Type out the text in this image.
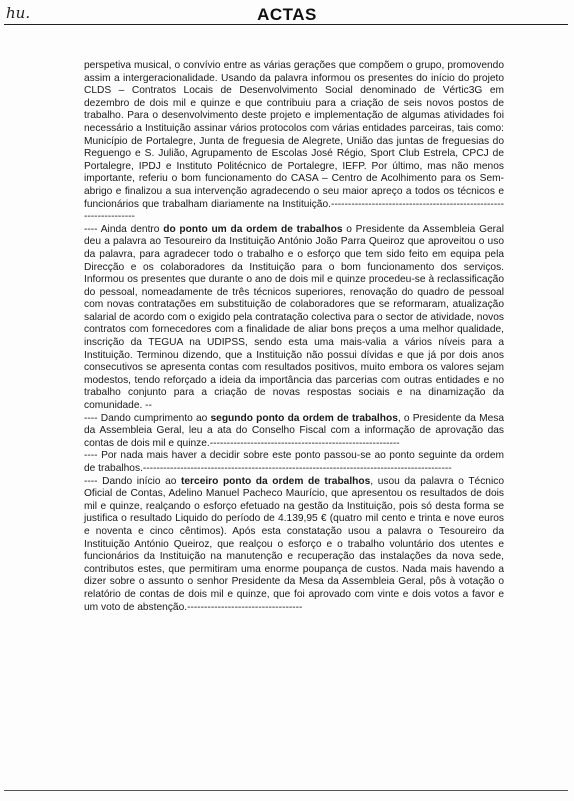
hu.	ACTAS

perspetiva musical, o convívio entre as várias gerações que compõem o grupo, promovendo assim a intergeracionalidade. Usando da palavra informou os presentes do início do projeto CLDS – Contratos Locais de Desenvolvimento Social denominado de Vértic3G em dezembro de dois mil e quinze e que contribuiu para a criação de seis novos postos de trabalho. Para o desenvolvimento deste projeto e implementação de algumas atividades foi necessário a Instituição assinar vários protocolos com várias entidades parceiras, tais como: Município de Portalegre, Junta de freguesia de Alegrete, União das juntas de freguesias do Reguengo e S. Julião, Agrupamento de Escolas José Régio, Sport Club Estrela, CPCJ de Portalegre, IPDJ e Instituto Politécnico de Portalegre, IEFP. Por último, mas não menos importante, referiu o bom funcionamento do CASA – Centro de Acolhimento para os Sem-abrigo e finalizou a sua intervenção agradecendo o seu maior apreço a todos os técnicos e funcionários que trabalham diariamente na Instituição.------------------------------------------------------------------

---- Ainda dentro do ponto um da ordem de trabalhos o Presidente da Assembleia Geral deu a palavra ao Tesoureiro da Instituição António João Parra Queiroz que aproveitou o uso da palavra, para agradecer todo o trabalho e o esforço que tem sido feito em equipa pela Direcção e os colaboradores da Instituição para o bom funcionamento dos serviços. Informou os presentes que durante o ano de dois mil e quinze procedeu-se à reclassificação do pessoal, nomeadamente de três técnicos superiores, renovação do quadro de pessoal com novas contratações em substituição de colaboradores que se reformaram, atualização salarial de acordo com o exigido pela contratação colectiva para o sector de atividade, novos contratos com fornecedores com a finalidade de aliar bons preços a uma melhor qualidade, inscrição da TEGUA na UDIPSS, sendo esta uma mais-valia a vários níveis para a Instituição. Terminou dizendo, que a Instituição não possui dívidas e que já por dois anos consecutivos se apresenta contas com resultados positivos, muito embora os valores sejam modestos, tendo reforçado a ideia da importância das parcerias com outras entidades e no trabalho conjunto para a criação de novas respostas sociais e na dinamização da comunidade. --

---- Dando cumprimento ao segundo ponto da ordem de trabalhos, o Presidente da Mesa da Assembleia Geral, leu a ata do Conselho Fiscal com a informação de aprovação das contas de dois mil e quinze.--------------------------------------------------------

---- Por nada mais haver a decidir sobre este ponto passou-se ao ponto seguinte da ordem de trabalhos.-------------------------------------------------------------------------------------------

---- Dando início ao terceiro ponto da ordem de trabalhos, usou da palavra o Técnico Oficial de Contas, Adelino Manuel Pacheco Maurício, que apresentou os resultados de dois mil e quinze, realçando o esforço efetuado na gestão da Instituição, pois só desta forma se justifica o resultado Liquido do período de 4.139,95 € (quatro mil cento e trinta e nove euros e noventa e cinco cêntimos). Após esta constatação usou a palavra o Tesoureiro da Instituição António Queiroz, que realçou o esforço e o trabalho voluntário dos utentes e funcionários da Instituição na manutenção e recuperação das instalações da nova sede, contributos estes, que permitiram uma enorme poupança de custos. Nada mais havendo a dizer sobre o assunto o senhor Presidente da Mesa da Assembleia Geral, pôs à votação o relatório de contas de dois mil e quinze, que foi aprovado com vinte e dois votos a favor e um voto de abstenção.----------------------------------
